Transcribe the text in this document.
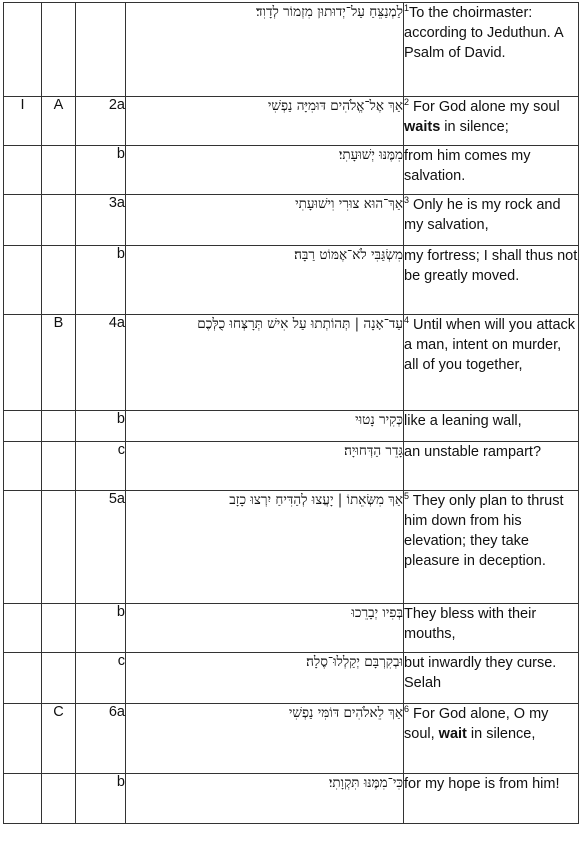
			לַמְנַצֵּחַ עַל־יְדוּתוּן מִזְמוֹר לְדָוִד׃	$^1$To the choirmaster: according to Jeduthun. A Psalm of David.
I	A	2a	אַךְ אֶל־אֱלֹהִים דּוּמִיָּה נַפְשִׁי	$^2$ For God alone my soul waits in silence;
		b	מִמֶּנּוּ יְשׁוּעָתִי׃	from him comes my salvation.
		3a	אַךְ־הוּא צוּרִי וִישׁוּעָתִי	$^3$ Only he is my rock and my salvation,
		b	מִשְׂגַּבִּי לֹא־אֶמּוֹט רַבָּה׃	my fortress; I shall thus not be greatly moved.
	B	4a	עַד־אָנָה | תְּהוֹתְתוּ עַל אִישׁ תְּרָצְּחוּ כֻלְּכֶם	$^4$ Until when will you attack a man, intent on murder, all of you together,
		b	כְּקִיר נָטוּי	like a leaning wall,
		c	גָּדֵר הַדְּחוּיָה׃	an unstable rampart?
		5a	אַךְ מִשְּׂאֵתוֹ | יָעֲצוּ לְהַדִּיחַ יִרְצוּ כָזָב	$^5$ They only plan to thrust him down from his elevation; they take pleasure in deception.
		b	בְּפִיו יְבָרֵכוּ	They bless with their mouths,
		c	וּבְקִרְבָּם יְקַלְלוּ־סֶלָה׃	but inwardly they curse. Selah
	C	6a	אַךְ לֵאלֹהִים דּוֹמִּי נַפְשִׁי	$^6$ For God alone, O my soul, wait in silence,
		b	כִּי־מִמֶּנּוּ תִּקְוָתִי׃	for my hope is from him!
